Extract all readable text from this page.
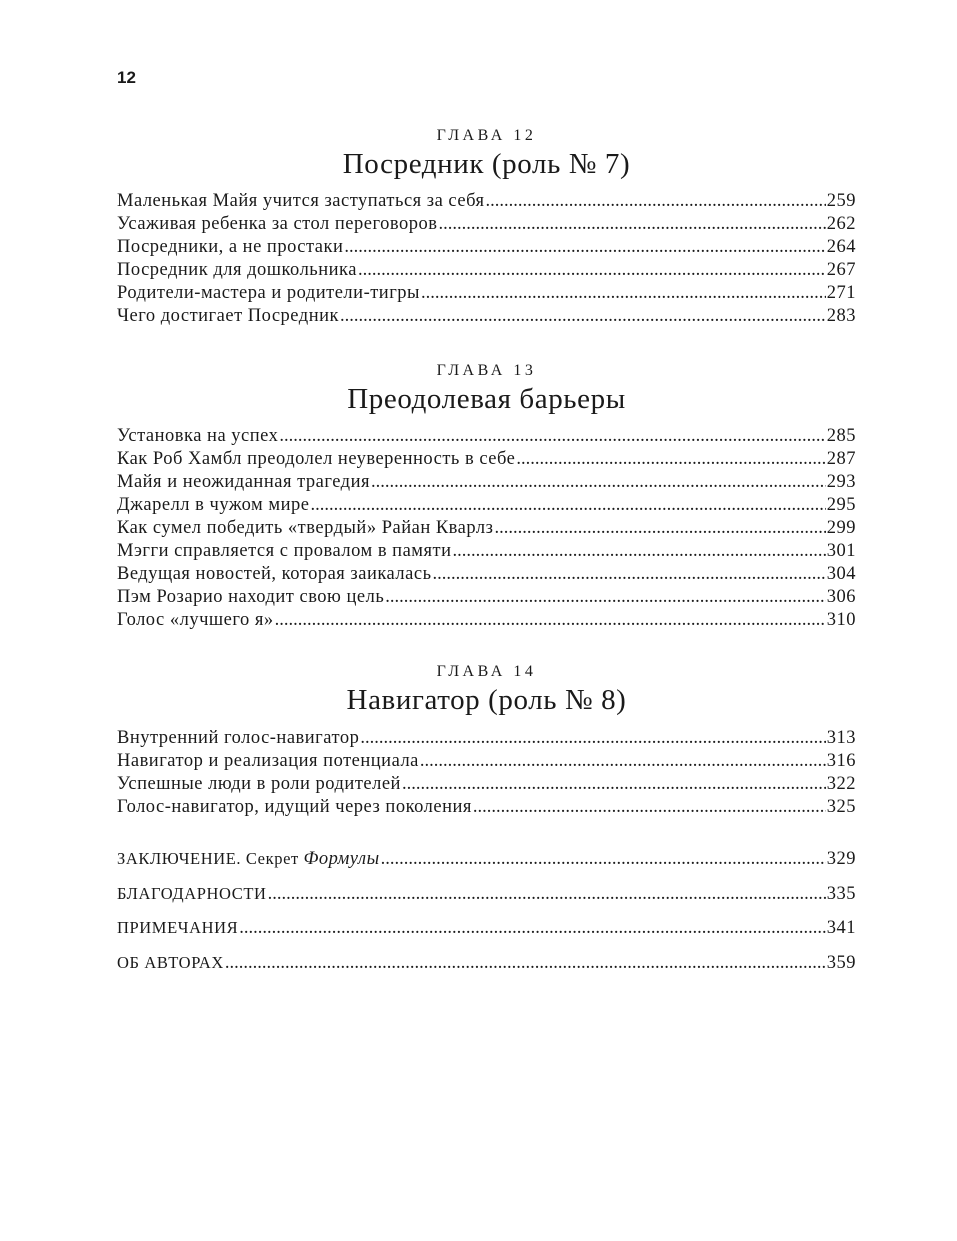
12
ГЛАВА 12
Посредник (роль № 7)
Маленькая Майя учится заступаться за себя .....	259
Усаживая ребенка за стол переговоров .....	262
Посредники, а не простаки .....	264
Посредник для дошкольника .....	267
Родители-мастера и родители-тигры .....	271
Чего достигает Посредник .....	283
ГЛАВА 13
Преодолевая барьеры
Установка на успех .....	285
Как Роб Хамбл преодолел неуверенность в себе .....	287
Майя и неожиданная трагедия .....	293
Джарелл в чужом мире .....	295
Как сумел победить «твердый» Райан Кварлз .....	299
Мэгги справляется с провалом в памяти .....	301
Ведущая новостей, которая заикалась .....	304
Пэм Розарио находит свою цель .....	306
Голос «лучшего я» .....	310
ГЛАВА 14
Навигатор (роль № 8)
Внутренний голос-навигатор .....	313
Навигатор и реализация потенциала .....	316
Успешные люди в роли родителей .....	322
Голос-навигатор, идущий через поколения .....	325
ЗАКЛЮЧЕНИЕ. Секрет Формулы .....	329
БЛАГОДАРНОСТИ .....	335
ПРИМЕЧАНИЯ .....	341
ОБ АВТОРАХ .....	359
